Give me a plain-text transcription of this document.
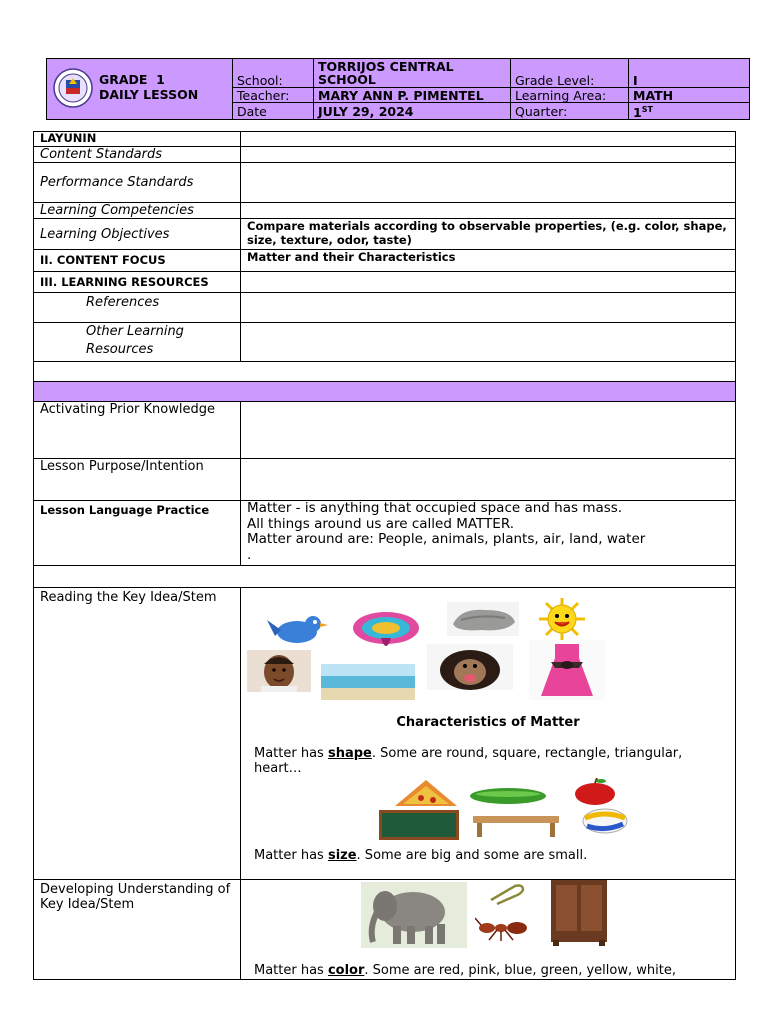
GRADE  1
DAILY LESSON	School:	TORRIJOS CENTRAL SCHOOL	Grade Level:	I
	Teacher:	MARY ANN P. PIMENTEL	Learning Area:	MATH
	Date	JULY 29, 2024	Quarter:	1ST
LAYUNIN	
Content Standards	
Performance Standards	
Learning Competencies	
Learning Objectives	Compare materials according to observable properties, (e.g. color, shape, size, texture, odor, taste)
II. CONTENT FOCUS	Matter and their Characteristics
III. LEARNING RESOURCES	
References	
Other Learning Resources	

Activating Prior Knowledge	
Lesson Purpose/Intention	
Lesson Language Practice	Matter - is anything that occupied space and has mass.
All things around us are called MATTER.
Matter around are: People, animals, plants, air, land, water
.

Reading the Key Idea/Stem	Characteristics of Matter
Matter has shape. Some are round, square, rectangle, triangular, heart…
Matter has size. Some are big and some are small.

Developing Understanding of Key Idea/Stem	Matter has color. Some are red, pink, blue, green, yellow, white,
